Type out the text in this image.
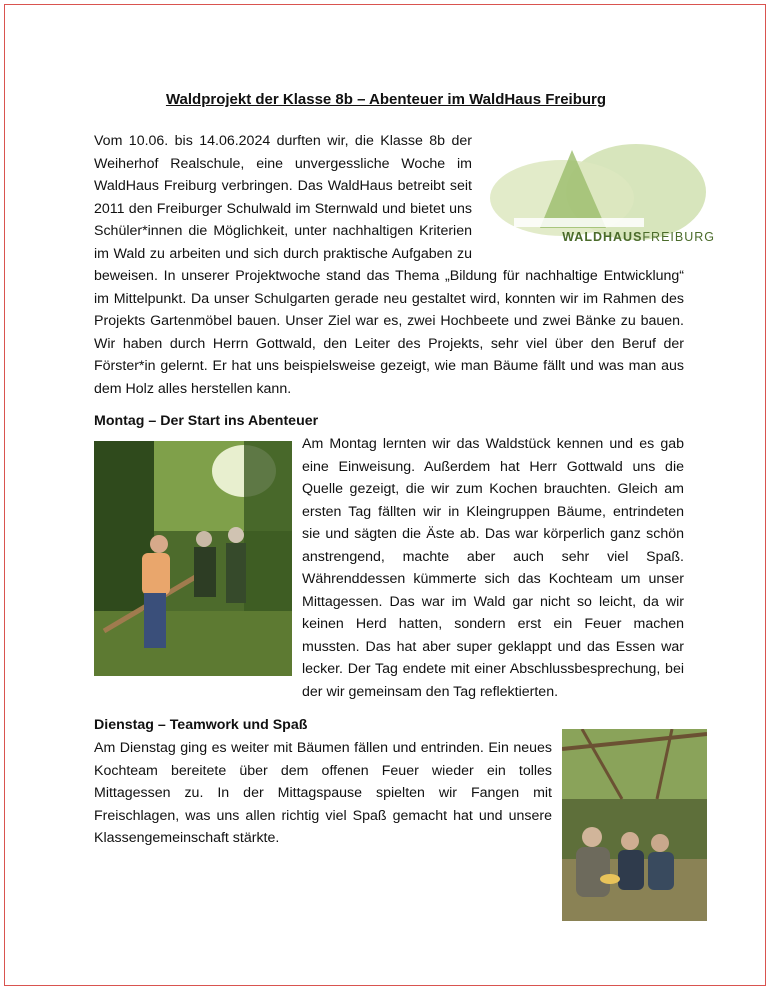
Waldprojekt der Klasse 8b – Abenteuer im WaldHaus Freiburg
Vom 10.06. bis 14.06.2024 durften wir, die Klasse 8b der
Weiherhof Realschule, eine unvergessliche Woche im
WaldHaus Freiburg verbringen. Das WaldHaus betreibt seit
2011 den Freiburger Schulwald im Sternwald und bietet uns
Schüler*innen die Möglichkeit, unter nachhaltigen Kriterien
im Wald zu arbeiten und sich durch praktische Aufgaben zu
beweisen. In unserer Projektwoche stand das Thema „Bildung für nachhaltige Entwicklung“
im Mittelpunkt. Da unser Schulgarten gerade neu gestaltet wird, konnten wir im Rahmen des
Projekts Gartenmöbel bauen. Unser Ziel war es, zwei Hochbeete und zwei Bänke zu bauen.
Wir haben durch Herrn Gottwald, den Leiter des Projekts, sehr viel über den Beruf der
Förster*in gelernt. Er hat uns beispielsweise gezeigt, wie man Bäume fällt und was man aus
dem Holz alles herstellen kann.
WALDHAUSFREIBURG
Montag – Der Start ins Abenteuer
Am Montag lernten wir das Waldstück kennen und es gab
eine Einweisung. Außerdem hat Herr Gottwald uns die
Quelle gezeigt, die wir zum Kochen brauchten. Gleich am
ersten Tag fällten wir in Kleingruppen Bäume, entrindeten
sie und sägten die Äste ab. Das war körperlich ganz schön
anstrengend, machte aber auch sehr viel Spaß.
Währenddessen kümmerte sich das Kochteam um unser
Mittagessen. Das war im Wald gar nicht so leicht, da wir
keinen Herd hatten, sondern erst ein Feuer machen
mussten. Das hat aber super geklappt und das Essen war
lecker. Der Tag endete mit einer Abschlussbesprechung, bei
der wir gemeinsam den Tag reflektierten.
Dienstag – Teamwork und Spaß
Am Dienstag ging es weiter mit Bäumen fällen und entrinden. Ein neues
Kochteam bereitete über dem offenen Feuer wieder ein tolles
Mittagessen zu. In der Mittagspause spielten wir Fangen mit
Freischlagen, was uns allen richtig viel Spaß gemacht hat und unsere
Klassengemeinschaft stärkte.
